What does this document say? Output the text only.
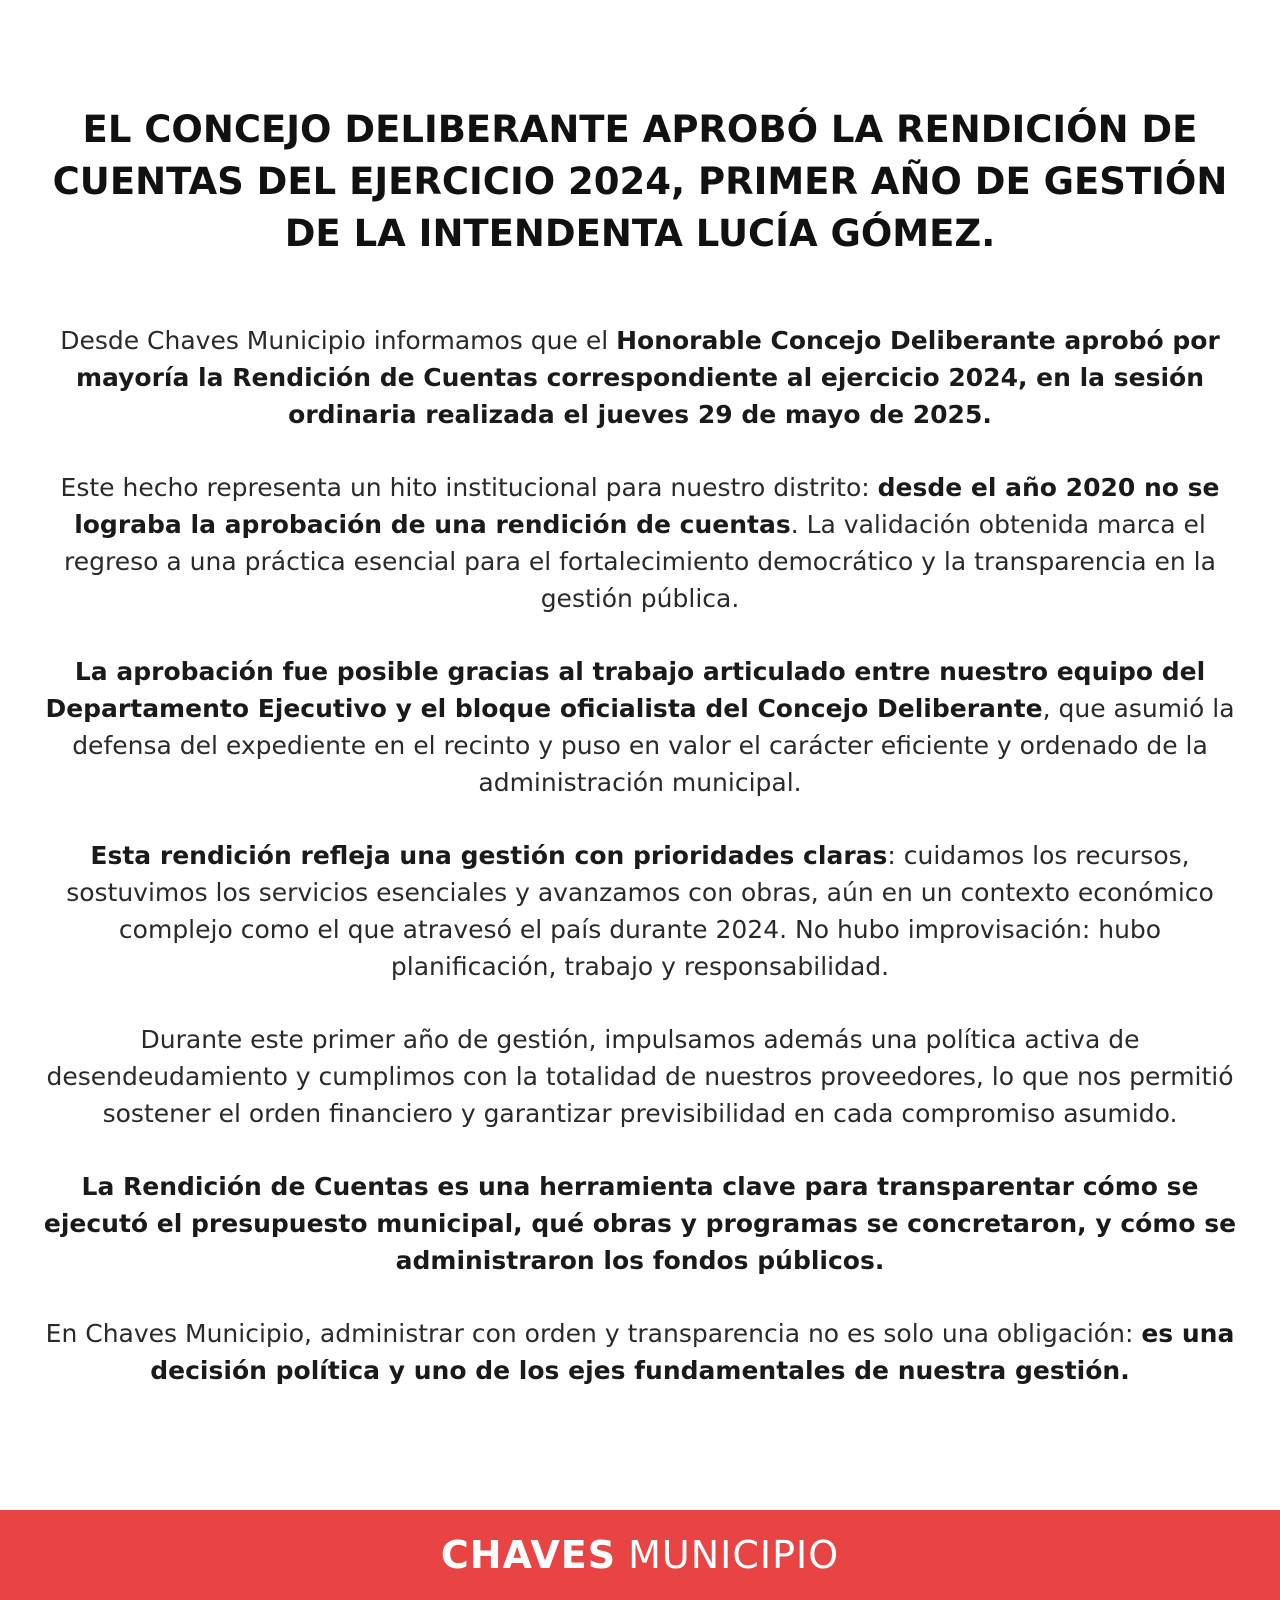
EL CONCEJO DELIBERANTE APROBÓ LA RENDICIÓN DE CUENTAS DEL EJERCICIO 2024, PRIMER AÑO DE GESTIÓN DE LA INTENDENTA LUCÍA GÓMEZ.

Desde Chaves Municipio informamos que el Honorable Concejo Deliberante aprobó por mayoría la Rendición de Cuentas correspondiente al ejercicio 2024, en la sesión ordinaria realizada el jueves 29 de mayo de 2025.

Este hecho representa un hito institucional para nuestro distrito: desde el año 2020 no se lograba la aprobación de una rendición de cuentas. La validación obtenida marca el regreso a una práctica esencial para el fortalecimiento democrático y la transparencia en la gestión pública.

La aprobación fue posible gracias al trabajo articulado entre nuestro equipo del Departamento Ejecutivo y el bloque oficialista del Concejo Deliberante, que asumió la defensa del expediente en el recinto y puso en valor el carácter eficiente y ordenado de la administración municipal.

Esta rendición refleja una gestión con prioridades claras: cuidamos los recursos, sostuvimos los servicios esenciales y avanzamos con obras, aún en un contexto económico complejo como el que atravesó el país durante 2024. No hubo improvisación: hubo planificación, trabajo y responsabilidad.

Durante este primer año de gestión, impulsamos además una política activa de desendeudamiento y cumplimos con la totalidad de nuestros proveedores, lo que nos permitió sostener el orden financiero y garantizar previsibilidad en cada compromiso asumido.

La Rendición de Cuentas es una herramienta clave para transparentar cómo se ejecutó el presupuesto municipal, qué obras y programas se concretaron, y cómo se administraron los fondos públicos.

En Chaves Municipio, administrar con orden y transparencia no es solo una obligación: es una decisión política y uno de los ejes fundamentales de nuestra gestión.

CHAVES MUNICIPIO
